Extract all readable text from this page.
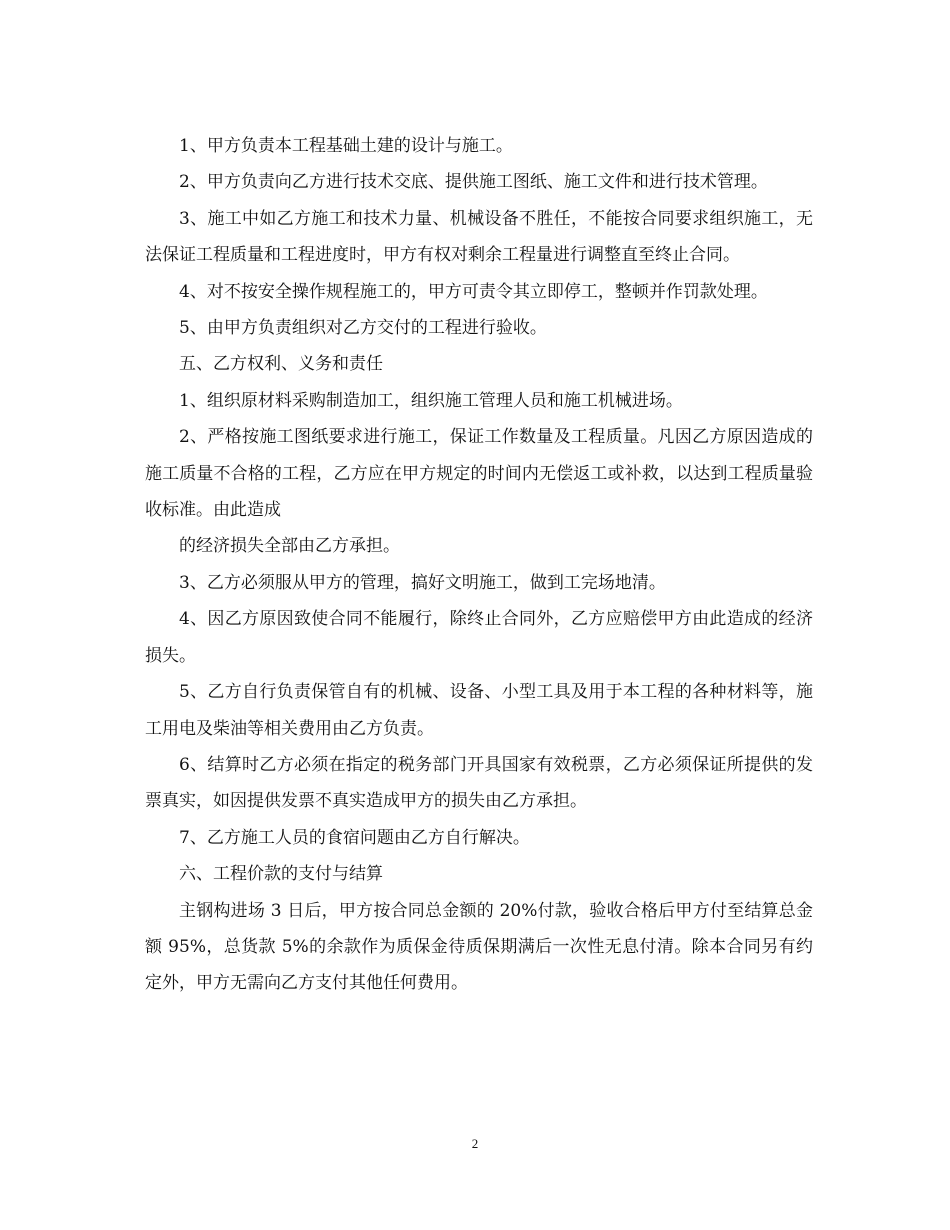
1、甲方负责本工程基础土建的设计与施工。

2、甲方负责向乙方进行技术交底、提供施工图纸、施工文件和进行技术管理。

3、施工中如乙方施工和技术力量、机械设备不胜任，不能按合同要求组织施工，无法保证工程质量和工程进度时，甲方有权对剩余工程量进行调整直至终止合同。

4、对不按安全操作规程施工的，甲方可责令其立即停工，整顿并作罚款处理。

5、由甲方负责组织对乙方交付的工程进行验收。

五、乙方权利、义务和责任

1、组织原材料采购制造加工，组织施工管理人员和施工机械进场。

2、严格按施工图纸要求进行施工，保证工作数量及工程质量。凡因乙方原因造成的施工质量不合格的工程，乙方应在甲方规定的时间内无偿返工或补救，以达到工程质量验收标准。由此造成

的经济损失全部由乙方承担。

3、乙方必须服从甲方的管理，搞好文明施工，做到工完场地清。

4、因乙方原因致使合同不能履行，除终止合同外，乙方应赔偿甲方由此造成的经济损失。

5、乙方自行负责保管自有的机械、设备、小型工具及用于本工程的各种材料等，施工用电及柴油等相关费用由乙方负责。

6、结算时乙方必须在指定的税务部门开具国家有效税票，乙方必须保证所提供的发票真实，如因提供发票不真实造成甲方的损失由乙方承担。

7、乙方施工人员的食宿问题由乙方自行解决。

六、工程价款的支付与结算

主钢构进场 3 日后，甲方按合同总金额的 20%付款，验收合格后甲方付至结算总金额 95%，总货款 5%的余款作为质保金待质保期满后一次性无息付清。除本合同另有约定外，甲方无需向乙方支付其他任何费用。

2
